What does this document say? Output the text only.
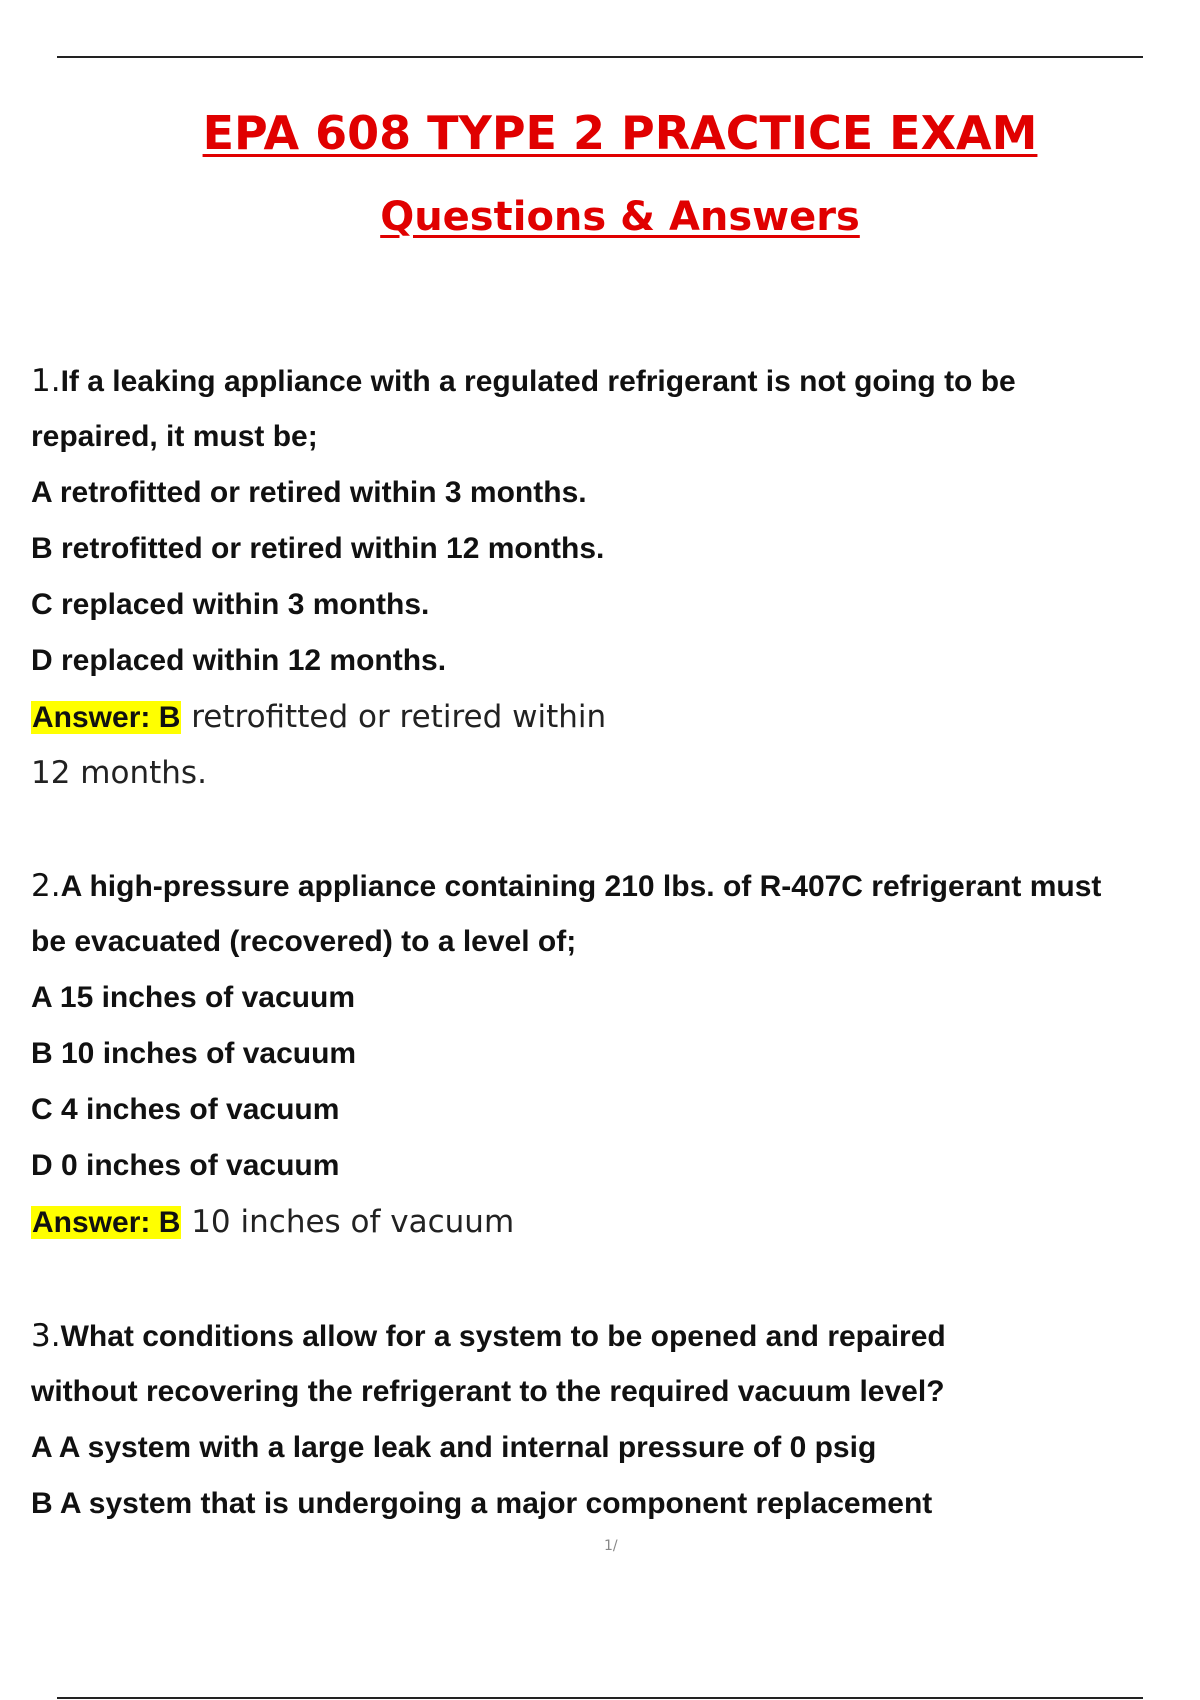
EPA 608 TYPE 2 PRACTICE EXAM
Questions & Answers
1.If a leaking appliance with a regulated refrigerant is not going to be
repaired, it must be;
A retrofitted or retired within 3 months.
B retrofitted or retired within 12 months.
C replaced within 3 months.
D replaced within 12 months.
Answer: B retrofitted or retired within
12 months.
2.A high-pressure appliance containing 210 lbs. of R-407C refrigerant must
be evacuated (recovered) to a level of;
A 15 inches of vacuum
B 10 inches of vacuum
C 4 inches of vacuum
D 0 inches of vacuum
Answer: B 10 inches of vacuum
3.What conditions allow for a system to be opened and repaired
without recovering the refrigerant to the required vacuum level?
A A system with a large leak and internal pressure of 0 psig
B A system that is undergoing a major component replacement
1/
